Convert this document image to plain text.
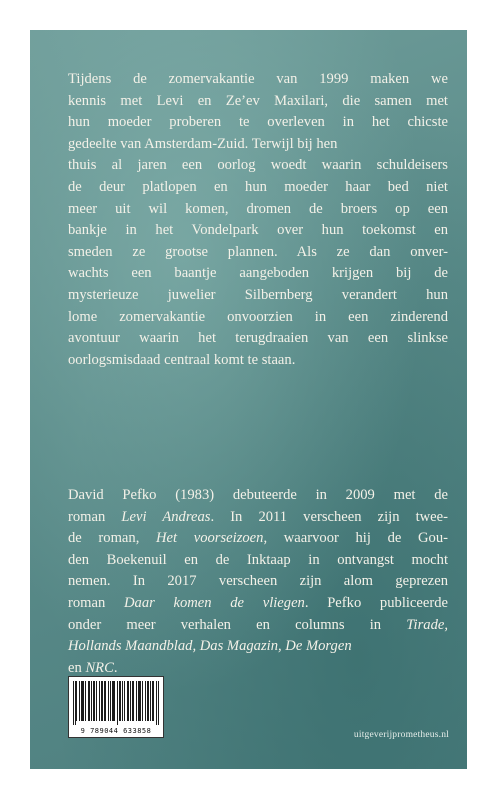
Tijdens de zomervakantie van 1999 maken we
kennis met Levi en Ze’ev Maxilari, die samen met
hun moeder proberen te overleven in het chicste
gedeelte van Amsterdam-Zuid. Terwijl bij hen
thuis al jaren een oorlog woedt waarin schuldeisers
de deur platlopen en hun moeder haar bed niet
meer uit wil komen, dromen de broers op een
bankje in het Vondelpark over hun toekomst en
smeden ze grootse plannen. Als ze dan onver-
wachts een baantje aangeboden krijgen bij de
mysterieuze juwelier Silbernberg verandert hun
lome zomervakantie onvoorzien in een zinderend
avontuur waarin het terugdraaien van een slinkse
oorlogsmisdaad centraal komt te staan.

David Pefko (1983) debuteerde in 2009 met de
roman Levi Andreas. In 2011 verscheen zijn twee-
de roman, Het voorseizoen, waarvoor hij de Gou-
den Boekenuil en de Inktaap in ontvangst mocht
nemen. In 2017 verscheen zijn alom geprezen
roman Daar komen de vliegen. Pefko publiceerde
onder meer verhalen en columns in Tirade,
Hollands Maandblad, Das Magazin, De Morgen
en NRC.

9 789044 633858	uitgeverijprometheus.nl
